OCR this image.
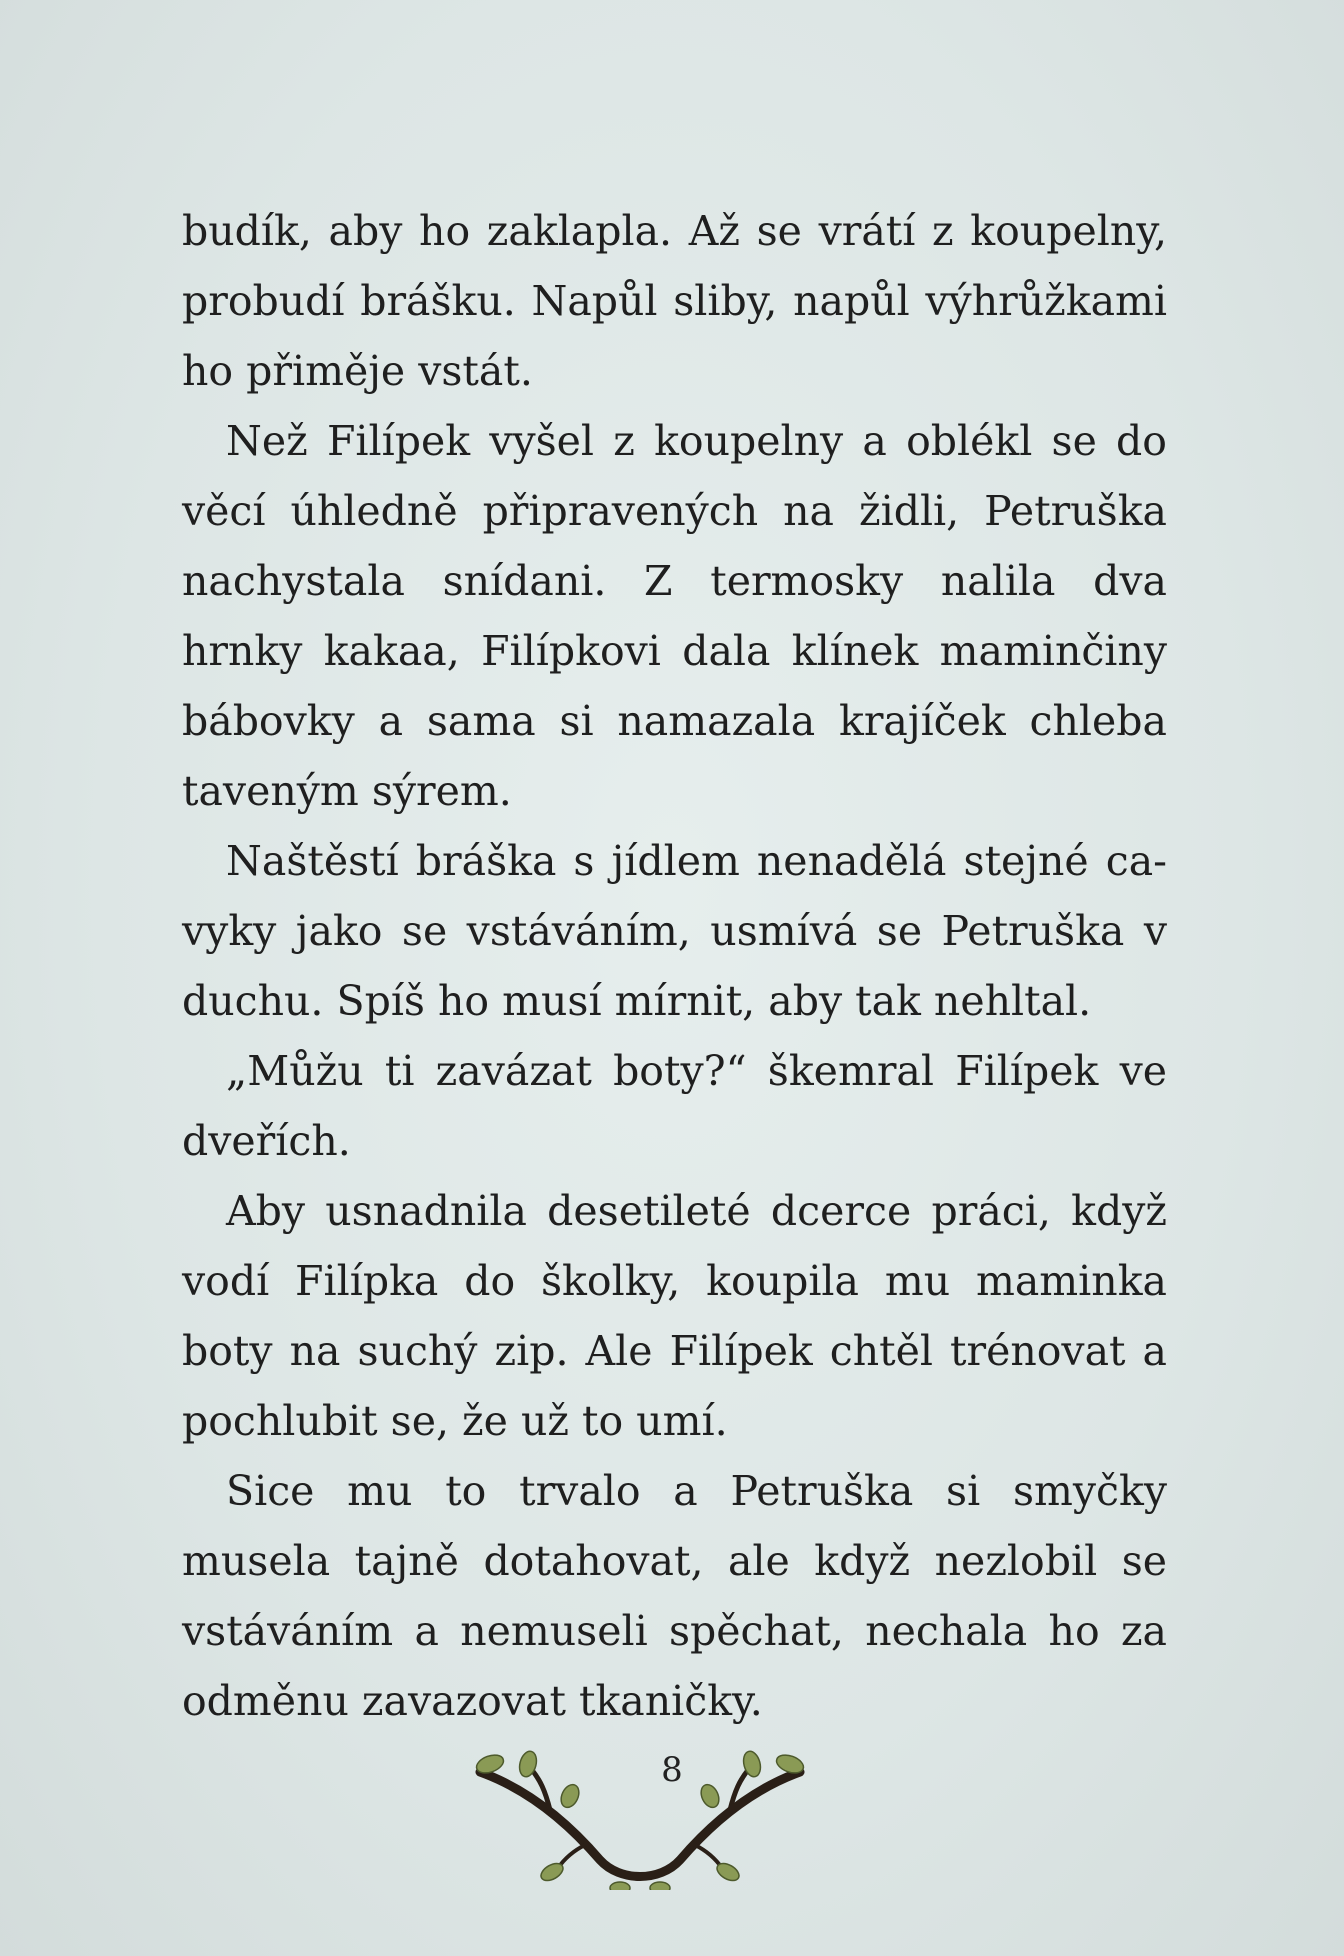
budík, aby ho zaklapla. Až se vrátí z koupelny, probudí brášku. Napůl sliby, napůl výhrůžkami ho přiměje vstát.

Než Filípek vyšel z koupelny a oblékl se do věcí úhledně připravených na židli, Petruška nachystala snídani. Z termosky nalila dva hrnky kakaa, Filípkovi dala klínek maminčiny bábovky a sama si namazala krajíček chleba taveným sýrem.

Naštěstí bráška s jídlem nenadělá stejné cavyky jako se vstáváním, usmívá se Petruška v duchu. Spíš ho musí mírnit, aby tak nehltal.

„Můžu ti zavázat boty?“ škemral Filípek ve dveřích.

Aby usnadnila desetileté dcerce práci, když vodí Filípka do školky, koupila mu maminka boty na suchý zip. Ale Filípek chtěl trénovat a pochlubit se, že už to umí.

Sice mu to trvalo a Petruška si smyčky musela tajně dotahovat, ale když nezlobil se vstáváním a nemuseli spěchat, nechala ho za odměnu zavazovat tkaničky.

8
